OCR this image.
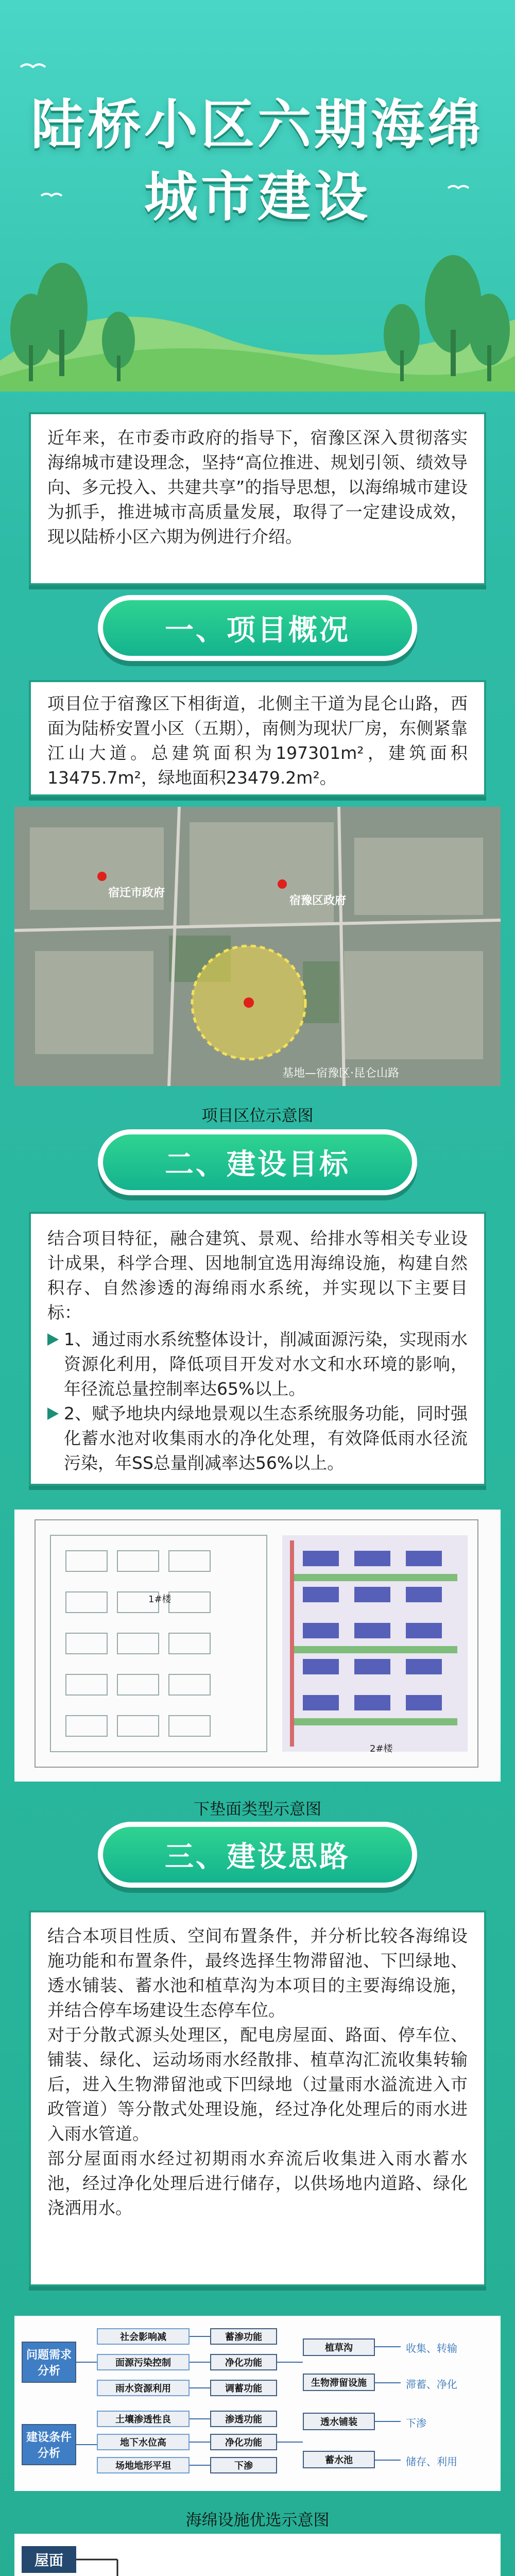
陆桥小区六期海绵
城市建设

近年来，在市委市政府的指导下，宿豫区深入贯彻落实海绵城市建设理念，坚持“高位推进、规划引领、绩效导向、多元投入、共建共享”的指导思想，以海绵城市建设为抓手，推进城市高质量发展，取得了一定建设成效，现以陆桥小区六期为例进行介绍。

一、项目概况

项目位于宿豫区下相街道，北侧主干道为昆仑山路，西面为陆桥安置小区（五期），南侧为现状厂房，东侧紧靠江山大道。总建筑面积为197301m²，建筑面积13475.7m²，绿地面积23479.2m²。

宿迁市政府
宿豫区政府
基地—宿豫区·昆仑山路
项目区位示意图
二、建设目标

结合项目特征，融合建筑、景观、给排水等相关专业设计成果，科学合理、因地制宜选用海绵设施，构建自然积存、自然渗透的海绵雨水系统，并实现以下主要目标：

1、通过雨水系统整体设计，削减面源污染，实现雨水资源化利用，降低项目开发对水文和水环境的影响，年径流总量控制率达65%以上。

2、赋予地块内绿地景观以生态系统服务功能，同时强化蓄水池对收集雨水的净化处理，有效降低雨水径流污染，年SS总量削减率达56%以上。

1#楼
2#楼
下垫面类型示意图
三、建设思路

结合本项目性质、空间布置条件，并分析比较各海绵设施功能和布置条件，最终选择生物滞留池、下凹绿地、透水铺装、蓄水池和植草沟为本项目的主要海绵设施，并结合停车场建设生态停车位。

对于分散式源头处理区，配电房屋面、路面、停车位、铺装、绿化、运动场雨水经散排、植草沟汇流收集转输后，进入生物滞留池或下凹绿地（过量雨水溢流进入市政管道）等分散式处理设施，经过净化处理后的雨水进入雨水管道。

部分屋面雨水经过初期雨水弃流后收集进入雨水蓄水池，经过净化处理后进行储存，以供场地内道路、绿化浇洒用水。

问题需求分析
建设条件分析
社会影响减
面源污染控制
雨水资源利用
土壤渗透性良
地下水位高
场地地形平坦
蓄渗功能
净化功能
调蓄功能
渗透功能
净化功能
下渗
植草沟
生物滞留设施
透水铺装
蓄水池
收集、转输
滞蓄、净化
下渗
储存、利用
海绵设施优选示意图
屋面
